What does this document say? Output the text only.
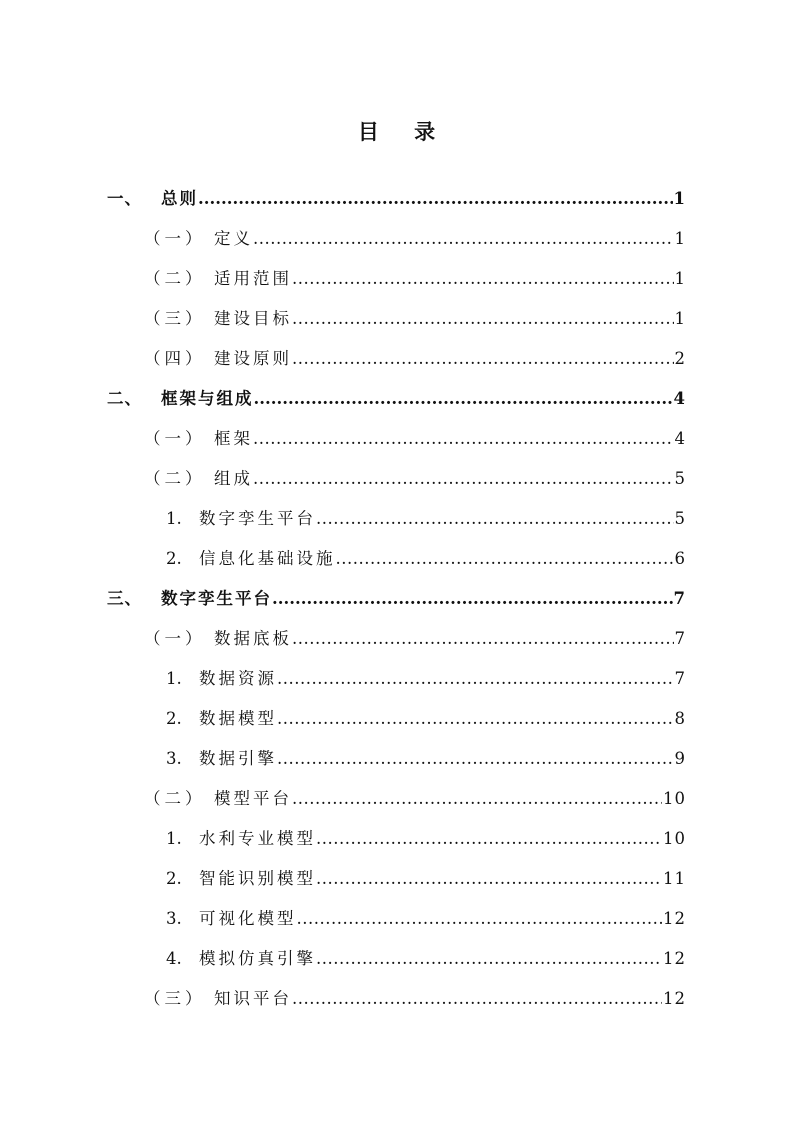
目 录
一、	总则 .....	1
（一） 定义 .....	1
（二） 适用范围 .....	1
（三） 建设目标 .....	1
（四） 建设原则 .....	2
二、	框架与组成 .....	4
（一） 框架 .....	4
（二） 组成 .....	5
1.	数字孪生平台 .....	5
2.	信息化基础设施 .....	6
三、	数字孪生平台 .....	7
（一） 数据底板 .....	7
1.	数据资源 .....	7
2.	数据模型 .....	8
3.	数据引擎 .....	9
（二） 模型平台 .....	10
1.	水利专业模型 .....	10
2.	智能识别模型 .....	11
3.	可视化模型 .....	12
4.	模拟仿真引擎 .....	12
（三） 知识平台 .....	12
